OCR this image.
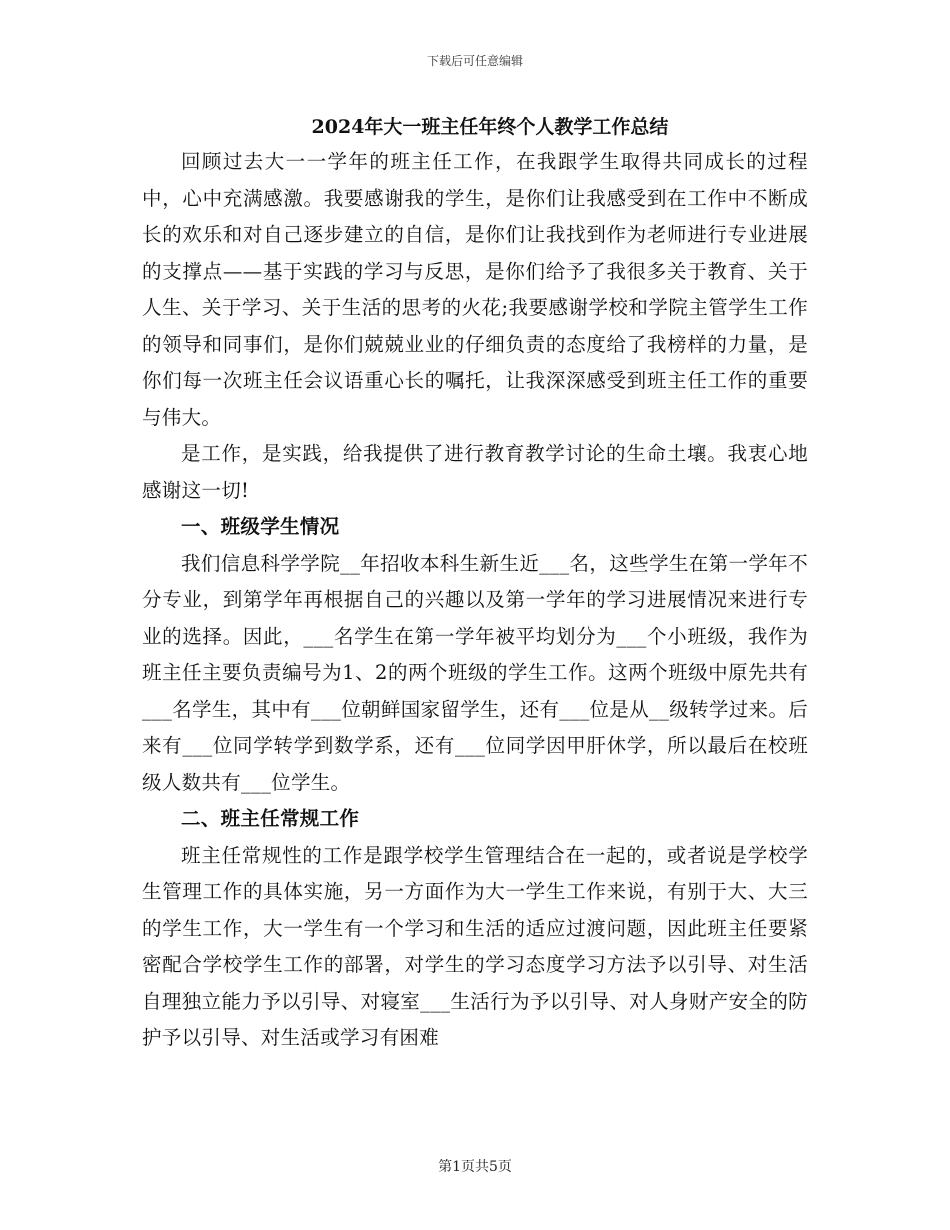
下载后可任意编辑
2024年大一班主任年终个人教学工作总结

回顾过去大一一学年的班主任工作，在我跟学生取得共同成长的过程中，心中充满感激。我要感谢我的学生，是你们让我感受到在工作中不断成长的欢乐和对自己逐步建立的自信，是你们让我找到作为老师进行专业进展的支撑点——基于实践的学习与反思，是你们给予了我很多关于教育、关于人生、关于学习、关于生活的思考的火花;我要感谢学校和学院主管学生工作的领导和同事们，是你们兢兢业业的仔细负责的态度给了我榜样的力量，是你们每一次班主任会议语重心长的嘱托，让我深深感受到班主任工作的重要与伟大。

是工作，是实践，给我提供了进行教育教学讨论的生命土壤。我衷心地感谢这一切!

一、班级学生情况

我们信息科学学院__年招收本科生新生近___名，这些学生在第一学年不分专业，到第学年再根据自己的兴趣以及第一学年的学习进展情况来进行专业的选择。因此，___名学生在第一学年被平均划分为___个小班级，我作为班主任主要负责编号为1、2的两个班级的学生工作。这两个班级中原先共有___名学生，其中有___位朝鲜国家留学生，还有___位是从__级转学过来。后来有___位同学转学到数学系，还有___位同学因甲肝休学，所以最后在校班级人数共有___位学生。

二、班主任常规工作

班主任常规性的工作是跟学校学生管理结合在一起的，或者说是学校学生管理工作的具体实施，另一方面作为大一学生工作来说，有别于大、大三的学生工作，大一学生有一个学习和生活的适应过渡问题，因此班主任要紧密配合学校学生工作的部署，对学生的学习态度学习方法予以引导、对生活自理独立能力予以引导、对寝室___生活行为予以引导、对人身财产安全的防护予以引导、对生活或学习有困难

第1页共5页
